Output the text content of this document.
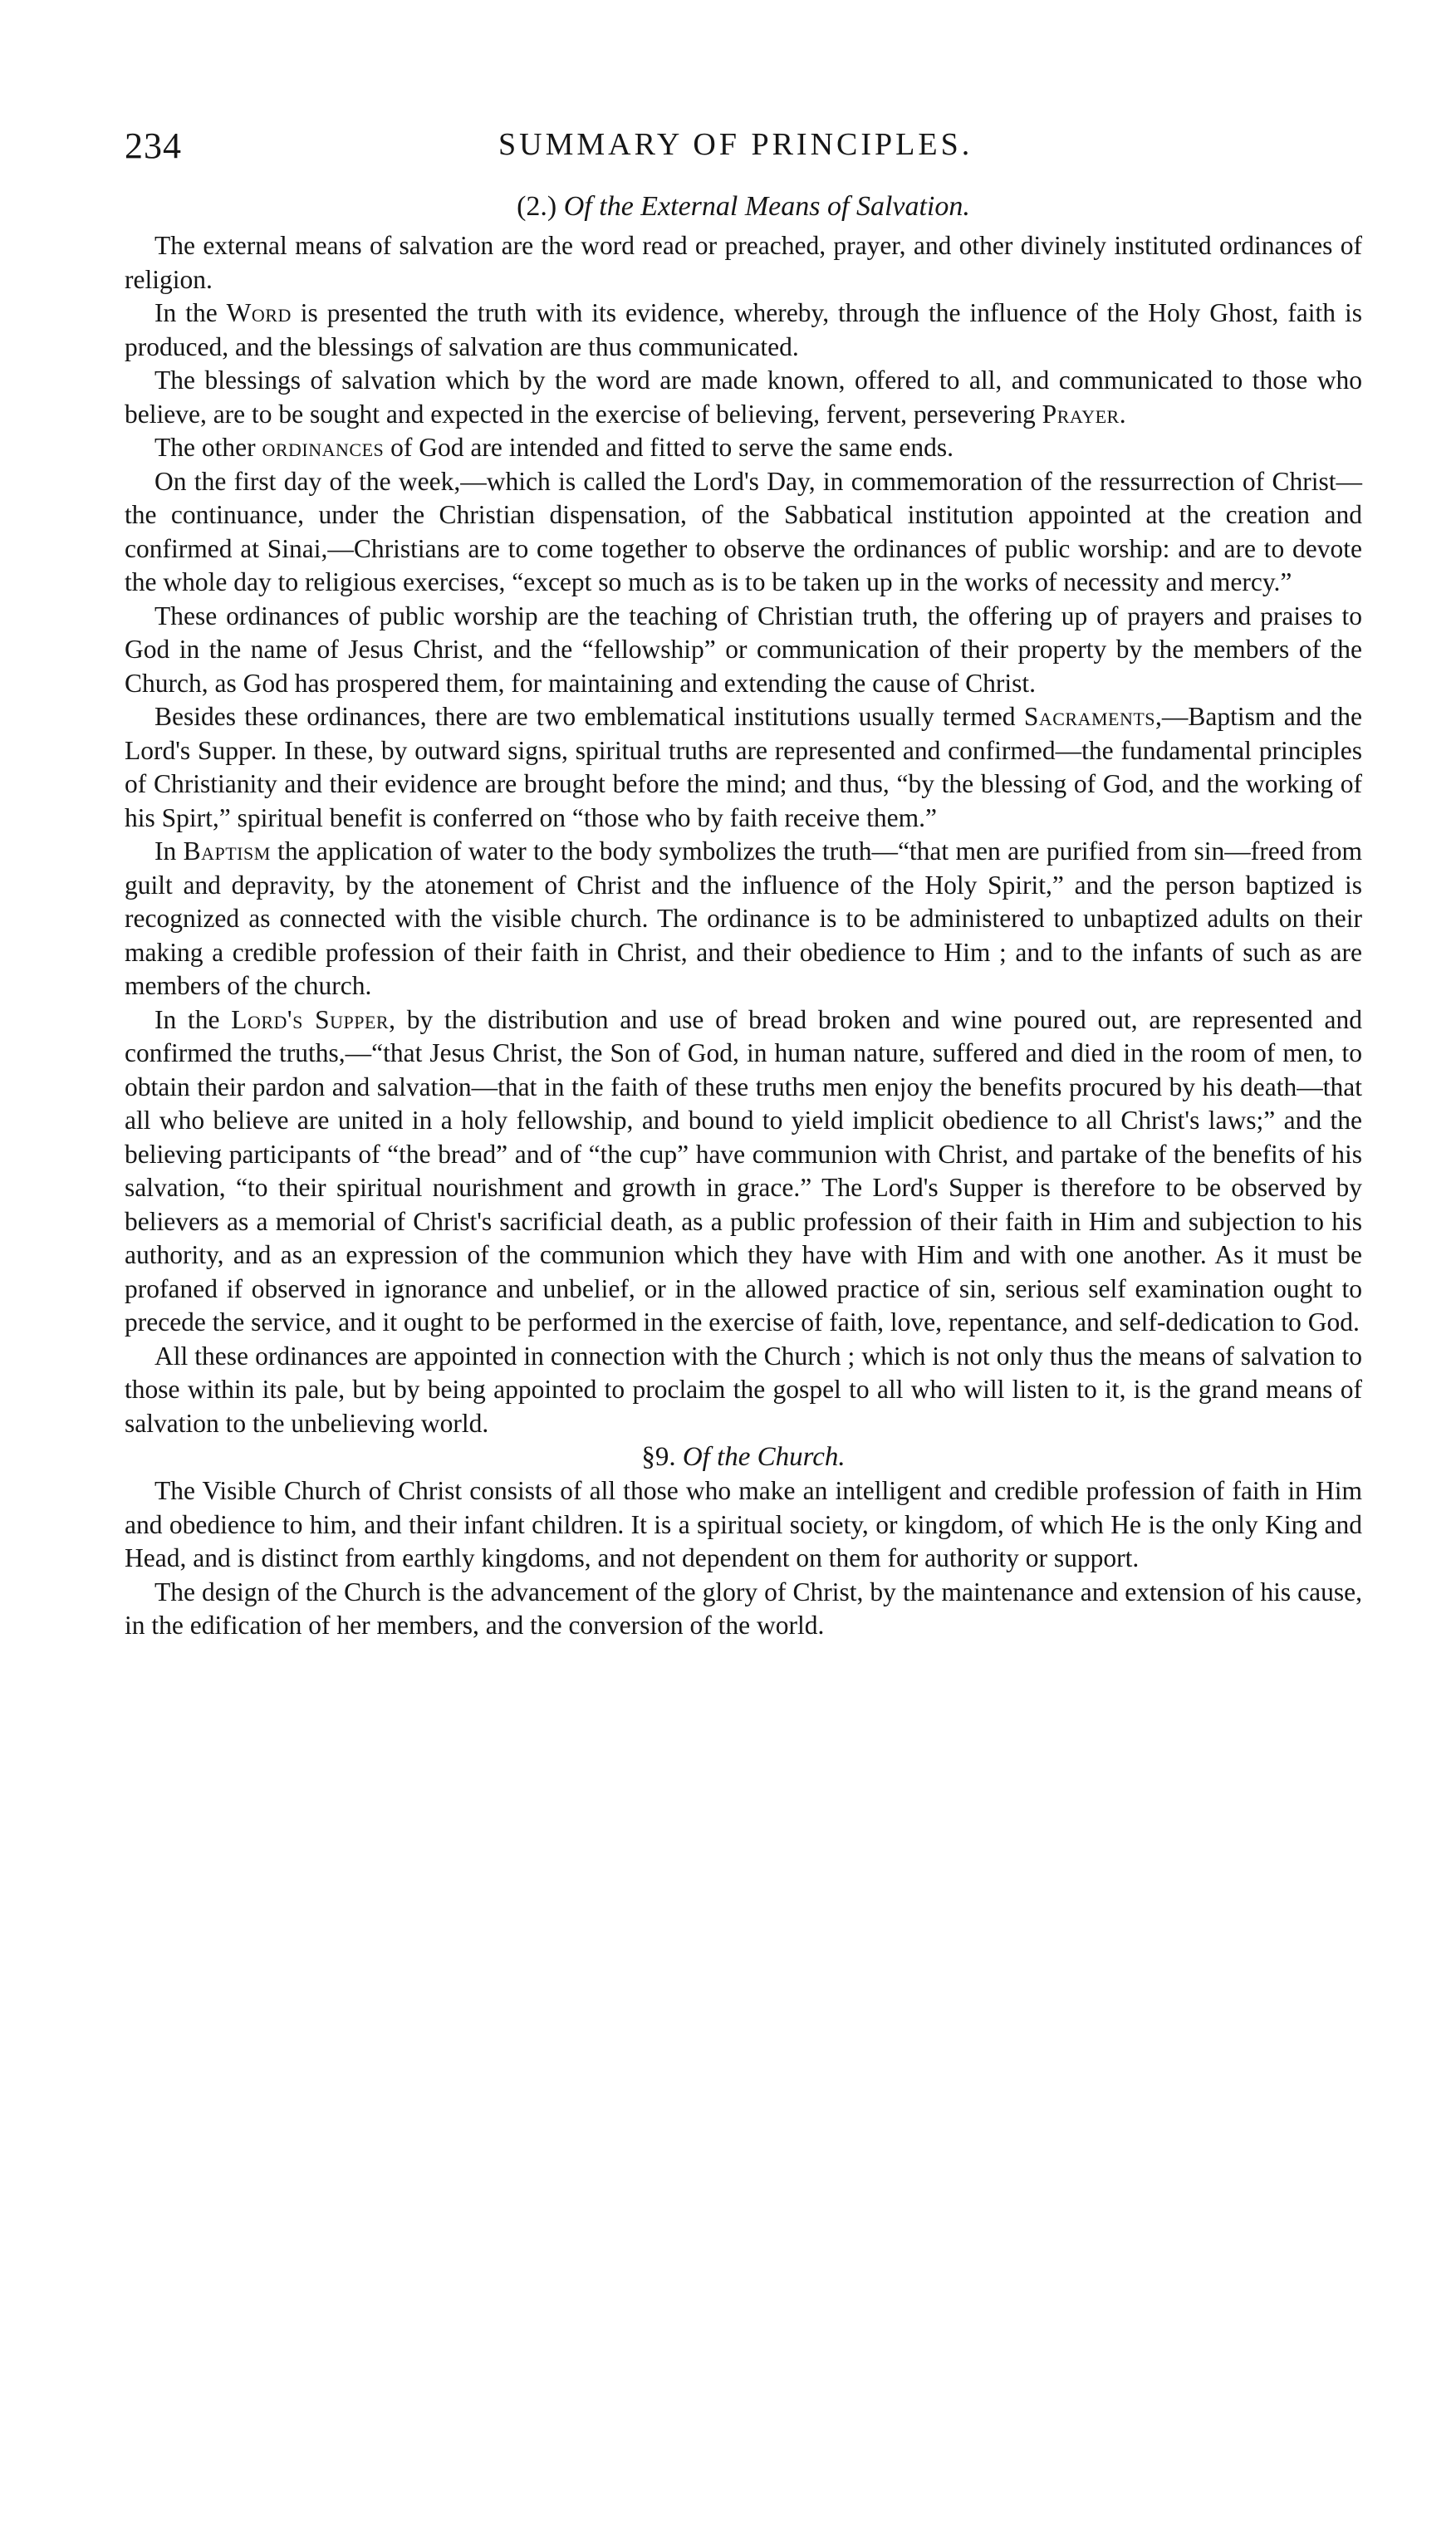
234	SUMMARY OF PRINCIPLES.
(2.) Of the External Means of Salvation.

The external means of salvation are the word read or preached, prayer, and other divinely instituted ordinances of religion.

In the Word is presented the truth with its evidence, whereby, through the influence of the Holy Ghost, faith is produced, and the blessings of salvation are thus communicated.

The blessings of salvation which by the word are made known, offered to all, and communicated to those who believe, are to be sought and expected in the exercise of believing, fervent, persevering Prayer.

The other ordinances of God are intended and fitted to serve the same ends.

On the first day of the week,—which is called the Lord's Day, in commemoration of the ressurrection of Christ—the continuance, under the Christian dispensation, of the Sabbatical institution appointed at the creation and confirmed at Sinai,—Christians are to come together to observe the ordinances of public worship: and are to devote the whole day to religious exercises, “except so much as is to be taken up in the works of necessity and mercy.”

These ordinances of public worship are the teaching of Christian truth, the offering up of prayers and praises to God in the name of Jesus Christ, and the “fellowship” or communication of their property by the members of the Church, as God has prospered them, for maintaining and extending the cause of Christ.

Besides these ordinances, there are two emblematical institutions usually termed Sacraments,—Baptism and the Lord's Supper. In these, by outward signs, spiritual truths are represented and confirmed—the fundamental principles of Christianity and their evidence are brought before the mind; and thus, “by the blessing of God, and the working of his Spirt,” spiritual benefit is conferred on “those who by faith receive them.”

In Baptism the application of water to the body symbolizes the truth—“that men are purified from sin—freed from guilt and depravity, by the atonement of Christ and the influence of the Holy Spirit,” and the person baptized is recognized as connected with the visible church. The ordinance is to be administered to unbaptized adults on their making a credible profession of their faith in Christ, and their obedience to Him ; and to the infants of such as are members of the church.

In the Lord's Supper, by the distribution and use of bread broken and wine poured out, are represented and confirmed the truths,—“that Jesus Christ, the Son of God, in human nature, suffered and died in the room of men, to obtain their pardon and salvation—that in the faith of these truths men enjoy the benefits procured by his death—that all who believe are united in a holy fellowship, and bound to yield implicit obedience to all Christ's laws;” and the believing participants of “the bread” and of “the cup” have communion with Christ, and partake of the benefits of his salvation, “to their spiritual nourishment and growth in grace.” The Lord's Supper is therefore to be observed by believers as a memorial of Christ's sacrificial death, as a public profession of their faith in Him and subjection to his authority, and as an expression of the communion which they have with Him and with one another. As it must be profaned if observed in ignorance and unbelief, or in the allowed practice of sin, serious self examination ought to precede the service, and it ought to be performed in the exercise of faith, love, repentance, and self-dedication to God.

All these ordinances are appointed in connection with the Church ; which is not only thus the means of salvation to those within its pale, but by being appointed to proclaim the gospel to all who will listen to it, is the grand means of salvation to the unbelieving world.

§9. Of the Church.

The Visible Church of Christ consists of all those who make an intelligent and credible profession of faith in Him and obedience to him, and their infant children. It is a spiritual society, or kingdom, of which He is the only King and Head, and is distinct from earthly kingdoms, and not dependent on them for authority or support.

The design of the Church is the advancement of the glory of Christ, by the maintenance and extension of his cause, in the edification of her members, and the conversion of the world.
